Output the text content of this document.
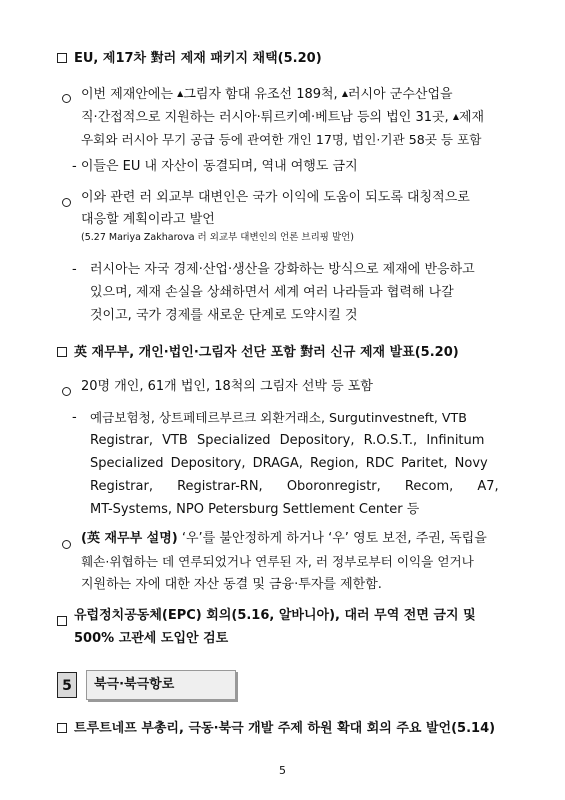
EU, 제17차 對러 제재 패키지 채택(5.20)
이번 제재안에는 ▲그림자 함대 유조선 189척, ▲러시아 군수산업을
직·간접적으로 지원하는 러시아·튀르키예·베트남 등의 법인 31곳, ▲제재
우회와 러시아 무기 공급 등에 관여한 개인 17명, 법인·기관 58곳 등 포함
- 이들은 EU 내 자산이 동결되며, 역내 여행도 금지
이와 관련 러 외교부 대변인은 국가 이익에 도움이 되도록 대칭적으로
대응할 계획이라고 발언
(5.27 Mariya Zakharova 러 외교부 대변인의 언론 브리핑 발언)
- 러시아는 자국 경제·산업·생산을 강화하는 방식으로 제재에 반응하고
있으며, 제재 손실을 상쇄하면서 세계 여러 나라들과 협력해 나갈
것이고, 국가 경제를 새로운 단계로 도약시킬 것
英 재무부, 개인·법인·그림자 선단 포함 對러 신규 제재 발표(5.20)
20명 개인, 61개 법인, 18척의 그림자 선박 등 포함
- 예금보험청, 상트페테르부르크 외환거래소, Surgutinvestneft, VTB
Registrar, VTB Specialized Depository, R.O.S.T., Infinitum
Specialized Depository, DRAGA, Region, RDC Paritet, Novy
Registrar, Registrar-RN, Oboronregistr, Recom, A7,
MT-Systems, NPO Petersburg Settlement Center 등
(英 재무부 설명) ‘우’를 불안정하게 하거나 ‘우’ 영토 보전, 주권, 독립을
훼손·위협하는 데 연루되었거나 연루된 자, 러 정부로부터 이익을 얻거나
지원하는 자에 대한 자산 동결 및 금융·투자를 제한함.
유럽정치공동체(EPC) 회의(5.16, 알바니아), 대러 무역 전면 금지 및
500% 고관세 도입안 검토
5	북극·북극항로
트루트네프 부총리, 극동·북극 개발 주제 하원 확대 회의 주요 발언(5.14)
5
